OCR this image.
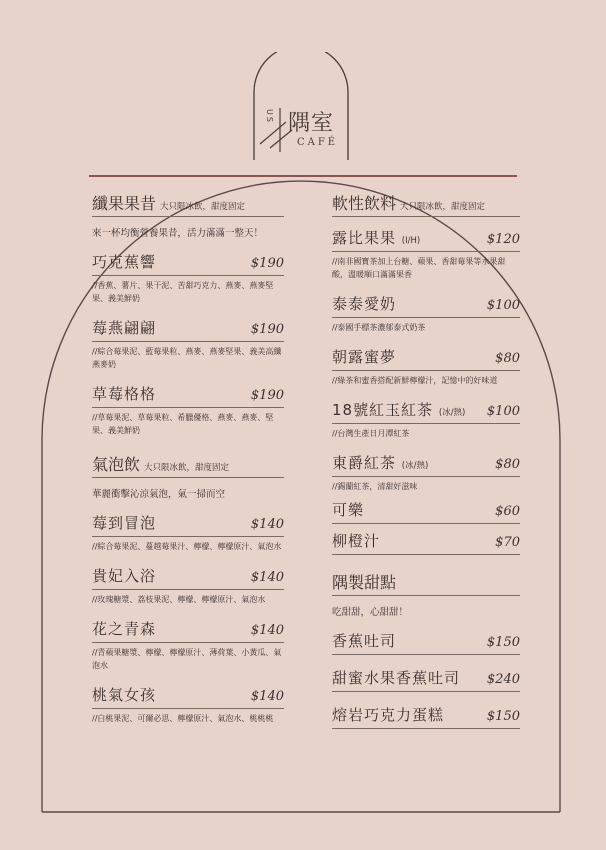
US 隅室
CAFÉ
纖果果昔 大只限冰飲，甜度固定
來一杯均衡營養果昔，活力滿滿一整天！
巧克蕉響	$190
//香蕉、薯片、果干泥、苦甜巧克力、燕麥、燕麥堅果、義美鮮奶
莓燕翩翩	$190
//綜合莓果泥、藍莓果粒、燕麥、燕麥堅果、義美高纖燕麥奶
草莓格格	$190
//草莓果泥、草莓果粒、希臘優格、燕麥、燕麥、堅果、義美鮮奶
氣泡飲 大只限冰飲，甜度固定
華麗衝擊沁涼氣泡，氣一掃而空
莓到冒泡	$140
//綜合莓果泥、蔓越莓果汁、檸檬、檸檬原汁、氣泡水
貴妃入浴	$140
//玫瑰糖漿、荔枝果泥、檸檬、檸檬原汁、氣泡水
花之青森	$140
//青蘋果糖漿、檸檬、檸檬原汁、薄荷葉、小黃瓜、氣泡水
桃氣女孩	$140
//白桃果泥、可爾必思、檸檬原汁、氣泡水、桃桃桃
軟性飲料 大只限冰飲，甜度固定
露比果果 (I/H)	$120
//南非國寶茶加上台糖、蘋果、香甜莓果等水果甜酸，溫暖順口滿滿果香
泰泰愛奶	$100
//泰國手標茶濃郁泰式奶茶
朝露蜜夢	$80
//綠茶和蜜香搭配新鮮檸檬汁，記憶中的好味道
18號紅玉紅茶 (冰/熱) $100
//台灣生產日月潭紅茶
東爵紅茶 (冰/熱)	$80
//錫蘭紅茶，清甜好滋味
可樂	$60
柳橙汁	$70
隅製甜點
吃甜甜，心甜甜！
香蕉吐司	$150
甜蜜水果香蕉吐司 $240
熔岩巧克力蛋糕	$150
